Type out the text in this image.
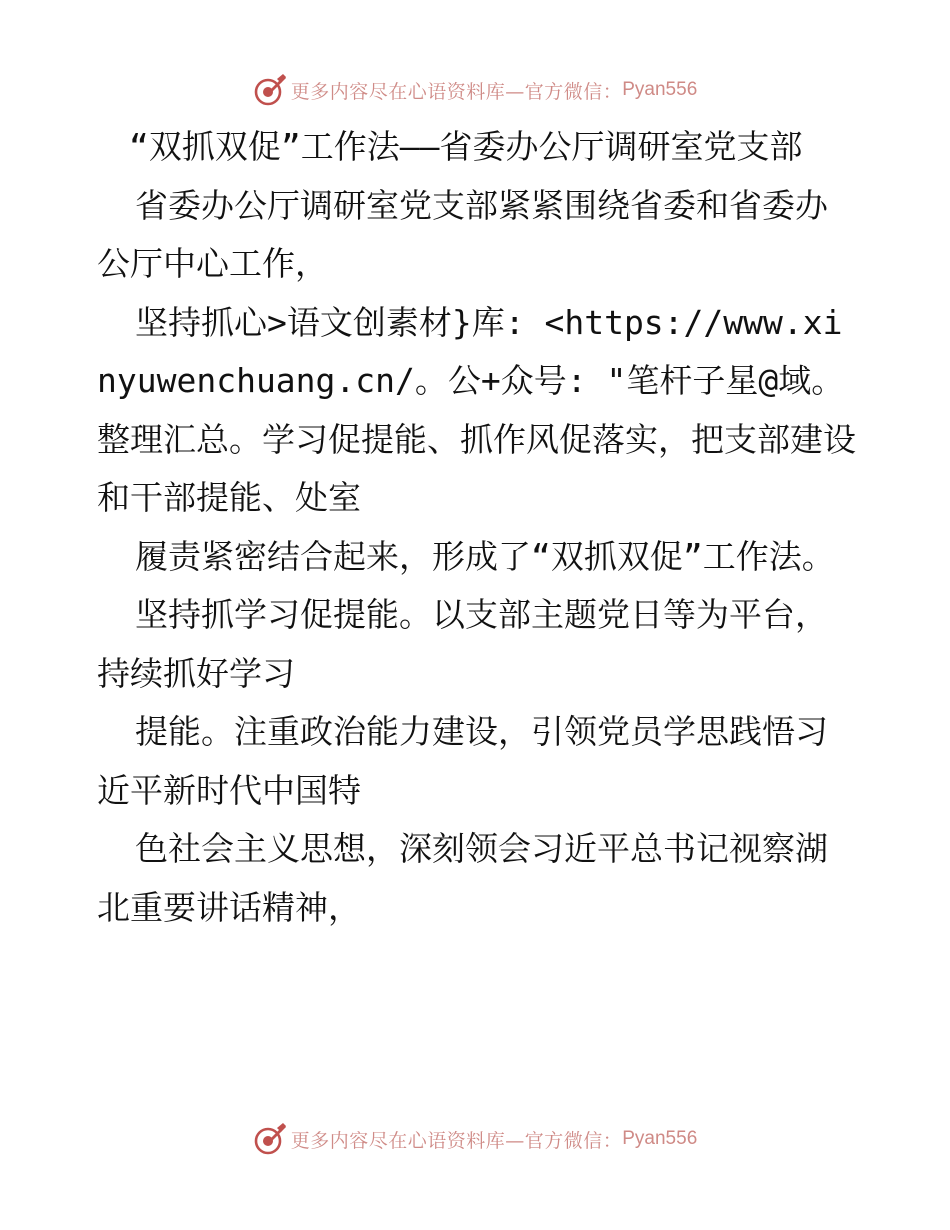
更多内容尽在心语资料库—官方微信： Pyan556

“双抓双促”工作法——省委办公厅调研室党支部

省委办公厅调研室党支部紧紧围绕省委和省委办公厅中心工作，

坚持抓心>语文创素材}库: <https://www.xinyuwenchuang.cn/。公+众号: "笔杆子星@域。整理汇总。学习促提能、抓作风促落实，把支部建设和干部提能、处室

履责紧密结合起来，形成了“双抓双促”工作法。

坚持抓学习促提能。以支部主题党日等为平台，持续抓好学习

提能。注重政治能力建设，引领党员学思践悟习近平新时代中国特

色社会主义思想，深刻领会习近平总书记视察湖北重要讲话精神，

更多内容尽在心语资料库—官方微信： Pyan556
